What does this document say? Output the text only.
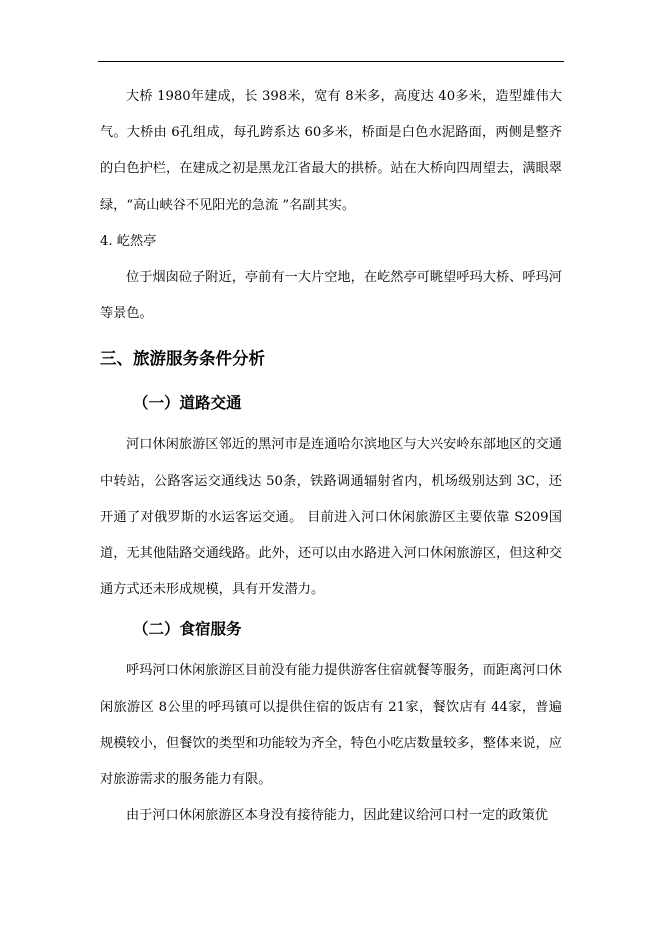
大桥 1980年建成，长 398米，宽有 8米多，高度达 40多米，造型雄伟大气。大桥由 6孔组成，每孔跨系达 60多米，桥面是白色水泥路面，两侧是整齐的白色护栏，在建成之初是黑龙江省最大的拱桥。站在大桥向四周望去，满眼翠绿，“高山峡谷不见阳光的急流 ”名副其实。

4. 屹然亭

位于烟囱砬子附近，亭前有一大片空地，在屹然亭可眺望呼玛大桥、呼玛河等景色。

三、旅游服务条件分析

（一）道路交通

河口休闲旅游区邻近的黑河市是连通哈尔滨地区与大兴安岭东部地区的交通中转站，公路客运交通线达 50条，铁路调通辐射省内，机场级别达到 3C，还开通了对俄罗斯的水运客运交通。 目前进入河口休闲旅游区主要依靠 S209国道，无其他陆路交通线路。此外，还可以由水路进入河口休闲旅游区，但这种交通方式还未形成规模，具有开发潜力。

（二）食宿服务

呼玛河口休闲旅游区目前没有能力提供游客住宿就餐等服务，而距离河口休闲旅游区 8公里的呼玛镇可以提供住宿的饭店有 21家，餐饮店有 44家，普遍规模较小，但餐饮的类型和功能较为齐全，特色小吃店数量较多，整体来说，应对旅游需求的服务能力有限。

由于河口休闲旅游区本身没有接待能力，因此建议给河口村一定的政策优
